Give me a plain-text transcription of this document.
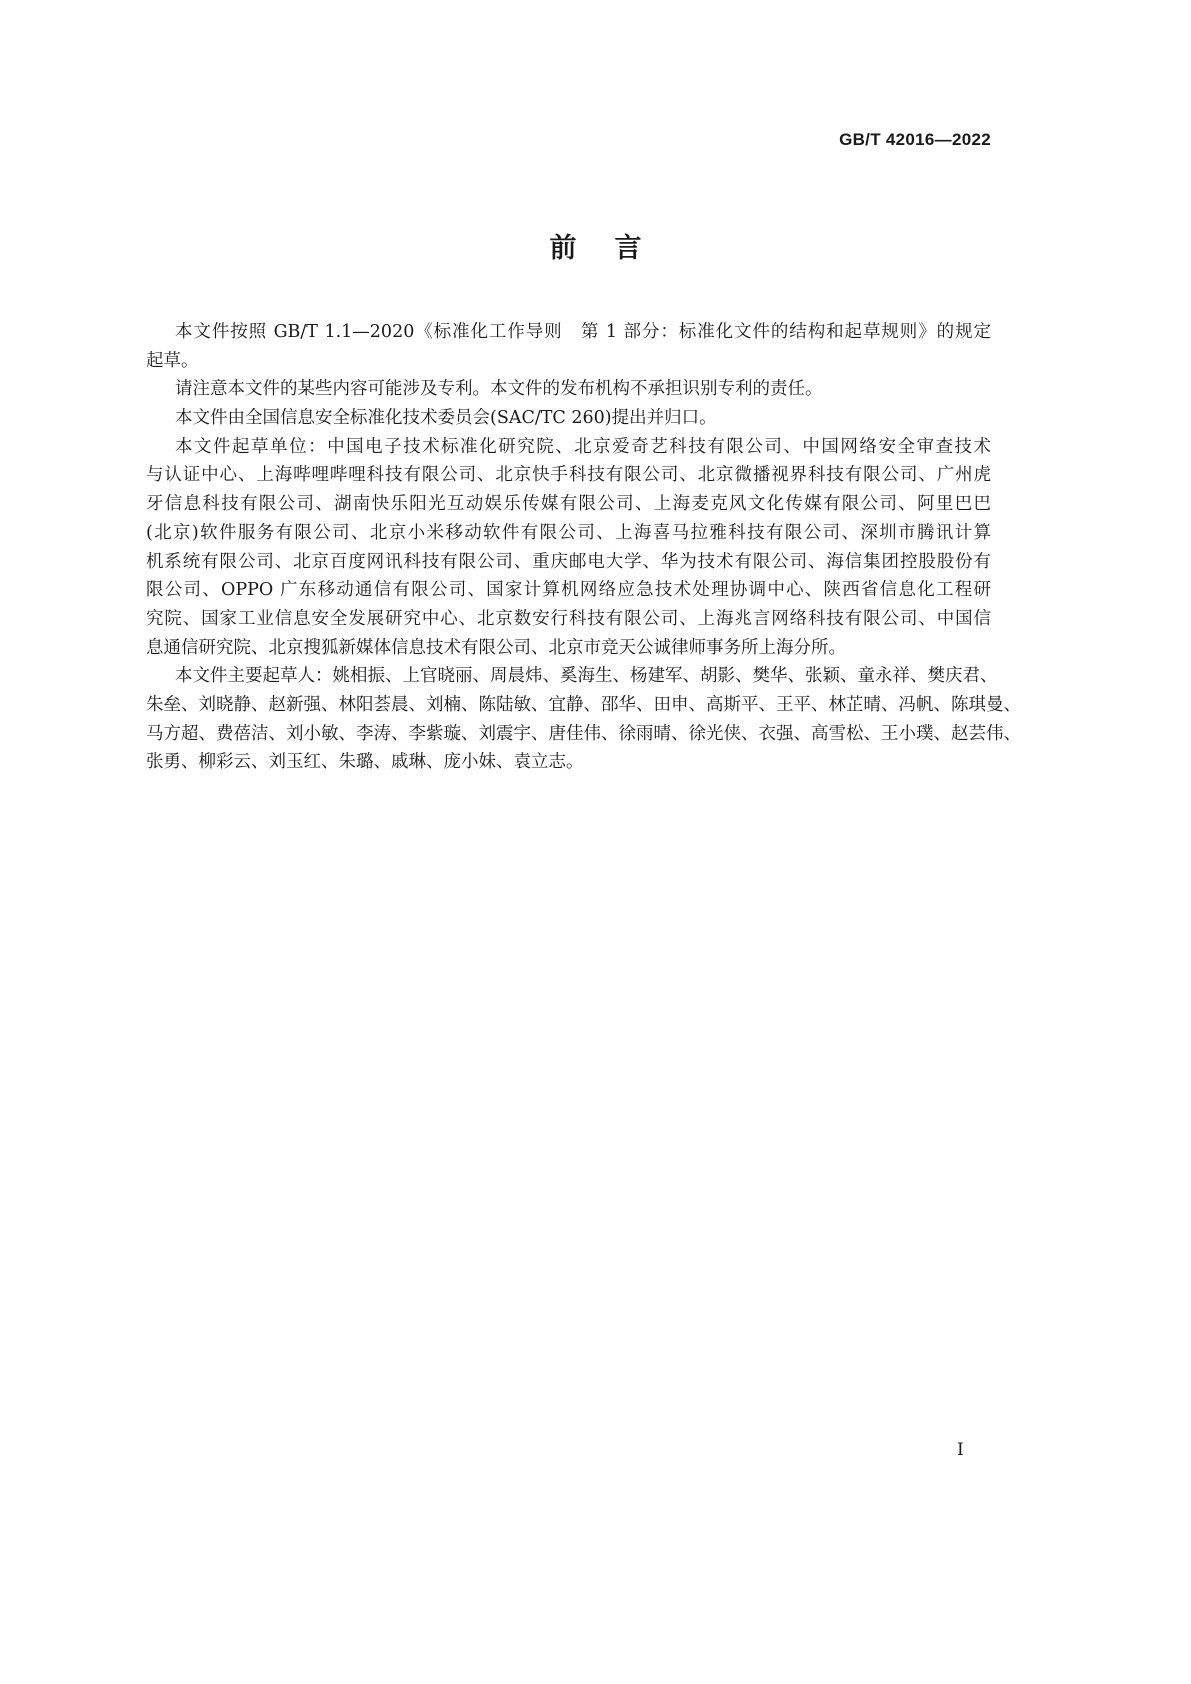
GB/T 42016—2022
前言
本文件按照 GB/T 1.1—2020《标准化工作导则　第 1 部分：标准化文件的结构和起草规则》的规定
起草。
请注意本文件的某些内容可能涉及专利。本文件的发布机构不承担识别专利的责任。
本文件由全国信息安全标准化技术委员会(SAC/TC 260)提出并归口。
本文件起草单位：中国电子技术标准化研究院、北京爱奇艺科技有限公司、中国网络安全审查技术
与认证中心、上海哔哩哔哩科技有限公司、北京快手科技有限公司、北京微播视界科技有限公司、广州虎
牙信息科技有限公司、湖南快乐阳光互动娱乐传媒有限公司、上海麦克风文化传媒有限公司、阿里巴巴
(北京)软件服务有限公司、北京小米移动软件有限公司、上海喜马拉雅科技有限公司、深圳市腾讯计算
机系统有限公司、北京百度网讯科技有限公司、重庆邮电大学、华为技术有限公司、海信集团控股股份有
限公司、OPPO 广东移动通信有限公司、国家计算机网络应急技术处理协调中心、陕西省信息化工程研
究院、国家工业信息安全发展研究中心、北京数安行科技有限公司、上海兆言网络科技有限公司、中国信
息通信研究院、北京搜狐新媒体信息技术有限公司、北京市竞天公诚律师事务所上海分所。
本文件主要起草人：姚相振、上官晓丽、周晨炜、奚海生、杨建军、胡影、樊华、张颖、童永祥、樊庆君、
朱垒、刘晓静、赵新强、林阳荟晨、刘楠、陈陆敏、宜静、邵华、田申、高斯平、王平、林芷晴、冯帆、陈琪曼、
马方超、费蓓洁、刘小敏、李涛、李紫璇、刘震宇、唐佳伟、徐雨晴、徐光侠、衣强、高雪松、王小璞、赵芸伟、
张勇、柳彩云、刘玉红、朱璐、戚琳、庞小妹、袁立志。
I
